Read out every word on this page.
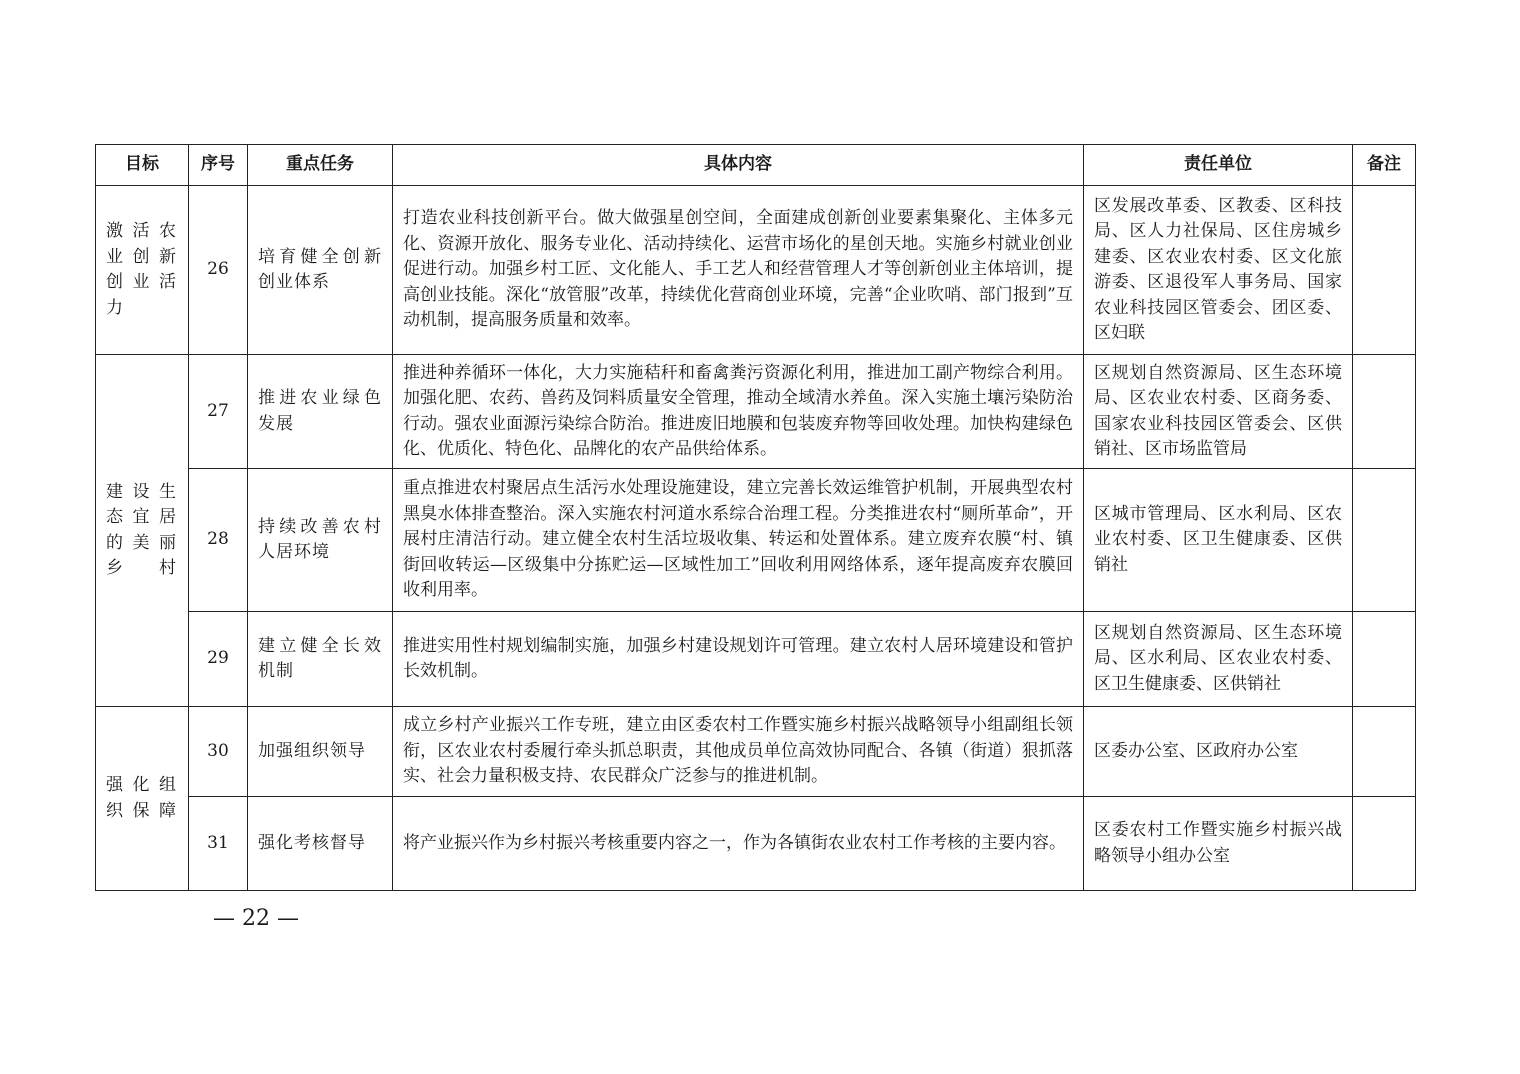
目标	序号	重点任务	具体内容	责任单位	备注
激活农业创新创业活力	26	培育健全创新创业体系	打造农业科技创新平台。做大做强星创空间，全面建成创新创业要素集聚化、主体多元化、资源开放化、服务专业化、活动持续化、运营市场化的星创天地。实施乡村就业创业促进行动。加强乡村工匠、文化能人、手工艺人和经营管理人才等创新创业主体培训，提高创业技能。深化“放管服”改革，持续优化营商创业环境，完善“企业吹哨、部门报到”互动机制，提高服务质量和效率。	区发展改革委、区教委、区科技局、区人力社保局、区住房城乡建委、区农业农村委、区文化旅游委、区退役军人事务局、国家农业科技园区管委会、团区委、区妇联	
建设生态宜居的美丽乡村	27	推进农业绿色发展	推进种养循环一体化，大力实施秸秆和畜禽粪污资源化利用，推进加工副产物综合利用。加强化肥、农药、兽药及饲料质量安全管理，推动全域清水养鱼。深入实施土壤污染防治行动。强农业面源污染综合防治。推进废旧地膜和包装废弃物等回收处理。加快构建绿色化、优质化、特色化、品牌化的农产品供给体系。	区规划自然资源局、区生态环境局、区农业农村委、区商务委、国家农业科技园区管委会、区供销社、区市场监管局	
	28	持续改善农村人居环境	重点推进农村聚居点生活污水处理设施建设，建立完善长效运维管护机制，开展典型农村黑臭水体排查整治。深入实施农村河道水系综合治理工程。分类推进农村“厕所革命”，开展村庄清洁行动。建立健全农村生活垃圾收集、转运和处置体系。建立废弃农膜“村、镇街回收转运—区级集中分拣贮运—区域性加工”回收利用网络体系，逐年提高废弃农膜回收利用率。	区城市管理局、区水利局、区农业农村委、区卫生健康委、区供销社	
	29	建立健全长效机制	推进实用性村规划编制实施，加强乡村建设规划许可管理。建立农村人居环境建设和管护长效机制。	区规划自然资源局、区生态环境局、区水利局、区农业农村委、区卫生健康委、区供销社	
强化组织保障	30	加强组织领导	成立乡村产业振兴工作专班，建立由区委农村工作暨实施乡村振兴战略领导小组副组长领衔，区农业农村委履行牵头抓总职责，其他成员单位高效协同配合、各镇（街道）狠抓落实、社会力量积极支持、农民群众广泛参与的推进机制。	区委办公室、区政府办公室	
	31	强化考核督导	将产业振兴作为乡村振兴考核重要内容之一，作为各镇街农业农村工作考核的主要内容。	区委农村工作暨实施乡村振兴战略领导小组办公室	
— 22 —
